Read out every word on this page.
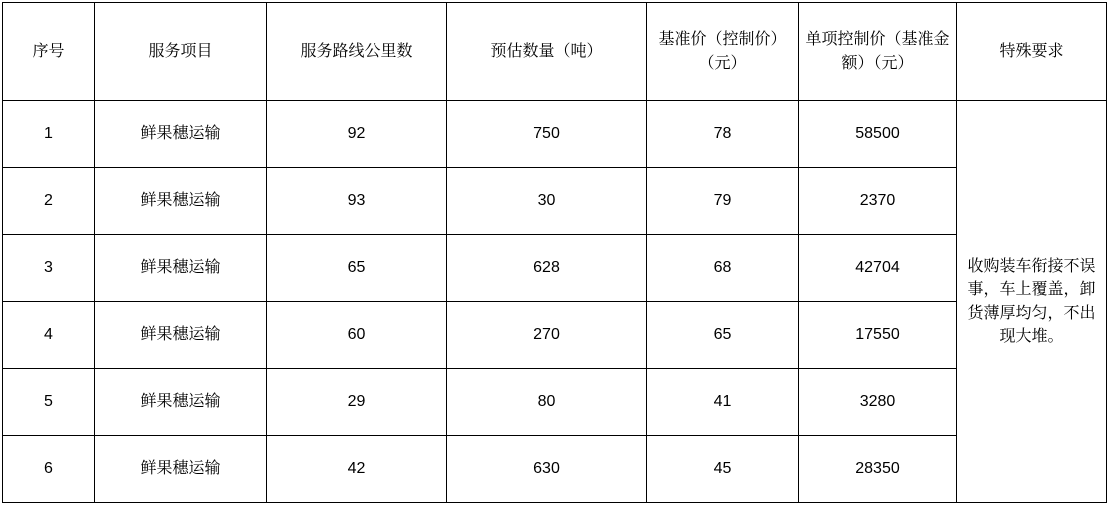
序号	服务项目	服务路线公里数	预估数量（吨）	基准价（控制价）（元）	单项控制价（基准金额）（元）	特殊要求
1	鲜果穗运输	92	750	78	58500	收购装车衔接不误事，车上覆盖，卸货薄厚均匀，不出现大堆。
2	鲜果穗运输	93	30	79	2370	
3	鲜果穗运输	65	628	68	42704	
4	鲜果穗运输	60	270	65	17550	
5	鲜果穗运输	29	80	41	3280	
6	鲜果穗运输	42	630	45	28350	
